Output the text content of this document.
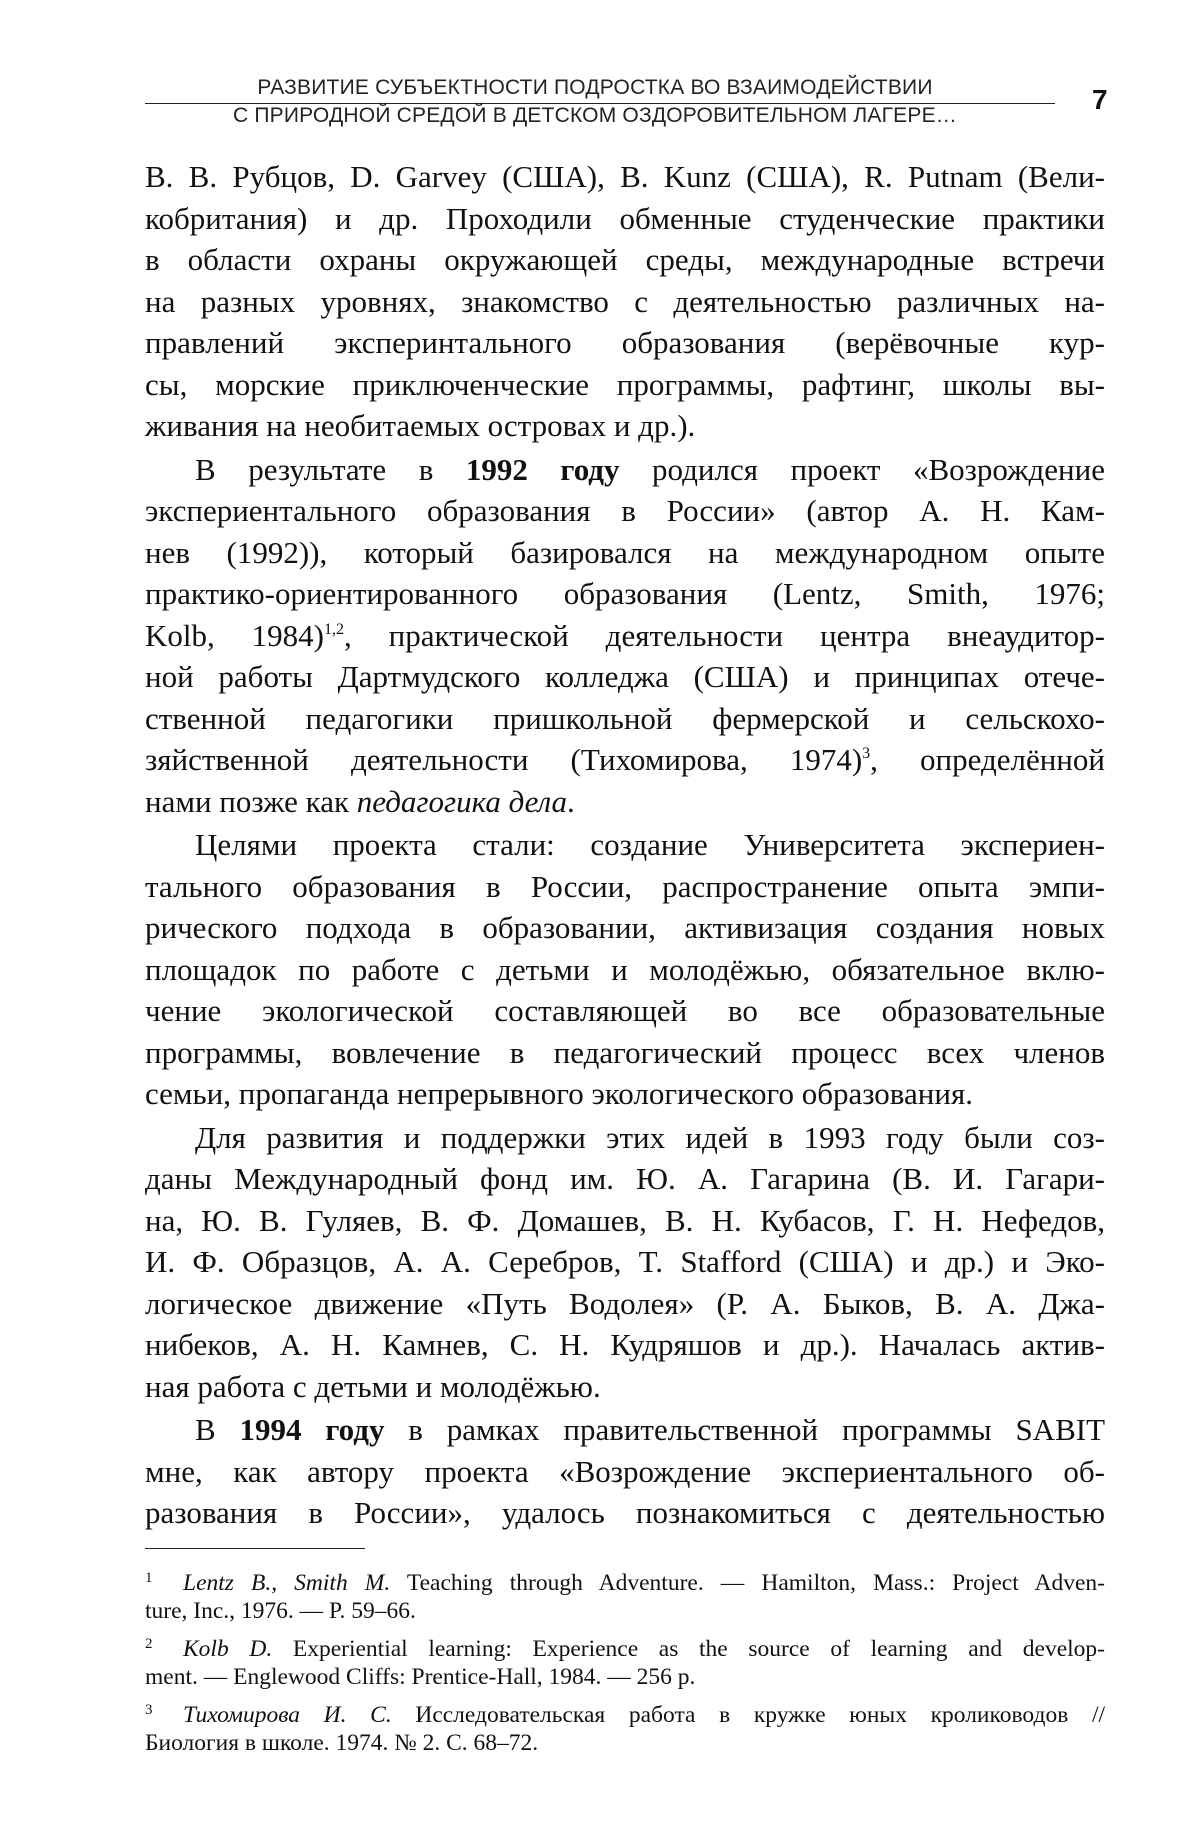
РАЗВИТИЕ СУБЪЕКТНОСТИ ПОДРОСТКА ВО ВЗАИМОДЕЙСТВИИ
С ПРИРОДНОЙ СРЕДОЙ В ДЕТСКОМ ОЗДОРОВИТЕЛЬНОМ ЛАГЕРЕ…
7
В. В. Рубцов, D. Garvey (США), B. Kunz (США), R. Putnam (Вели-
кобритания) и др. Проходили обменные студенческие практики
в области охраны окружающей среды, международные встречи
на разных уровнях, знакомство с деятельностью различных на-
правлений эксперинтального образования (верёвочные кур-
сы, морские приключенческие программы, рафтинг, школы вы-
живания на необитаемых островах и др.).
В результате в 1992 году родился проект «Возрождение
экспериентального образования в России» (автор А. Н. Кам-
нев (1992)), который базировался на международном опыте
практико-ориентированного образования (Lentz, Smith, 1976;
Kolb, 1984)$^{1,2}$, практической деятельности центра внеаудитор-
ной работы Дартмудского колледжа (США) и принципах отече-
ственной педагогики пришкольной фермерской и сельскохо-
зяйственной деятельности (Тихомирова, 1974)$^3$, определённой
нами позже как педагогика дела.
Целями проекта стали: создание Университета экспериен-
тального образования в России, распространение опыта эмпи-
рического подхода в образовании, активизация создания новых
площадок по работе с детьми и молодёжью, обязательное вклю-
чение экологической составляющей во все образовательные
программы, вовлечение в педагогический процесс всех членов
семьи, пропаганда непрерывного экологического образования.
Для развития и поддержки этих идей в 1993 году были соз-
даны Международный фонд им. Ю. А. Гагарина (В. И. Гагари-
на, Ю. В. Гуляев, В. Ф. Домашев, В. Н. Кубасов, Г. Н. Нефедов,
И. Ф. Образцов, А. А. Серебров, T. Stafford (США) и др.) и Эко-
логическое движение «Путь Водолея» (Р. А. Быков, В. А. Джа-
нибеков, А. Н. Камнев, С. Н. Кудряшов и др.). Началась актив-
ная работа с детьми и молодёжью.
В 1994 году в рамках правительственной программы SABIT
мне, как автору проекта «Возрождение экспериентального об-
разования в России», удалось познакомиться с деятельностью
1 Lentz B., Smith M. Teaching through Adventure. — Hamilton, Mass.: Project Adven-
ture, Inc., 1976. — P. 59–66.
2 Kolb D. Experiential learning: Experience as the source of learning and develop-
ment. — Englewood Cliffs: Prentice-Hall, 1984. — 256 p.
3 Тихомирова И. С. Исследовательская работа в кружке юных кролиководов //
Биология в школе. 1974. № 2. С. 68–72.
